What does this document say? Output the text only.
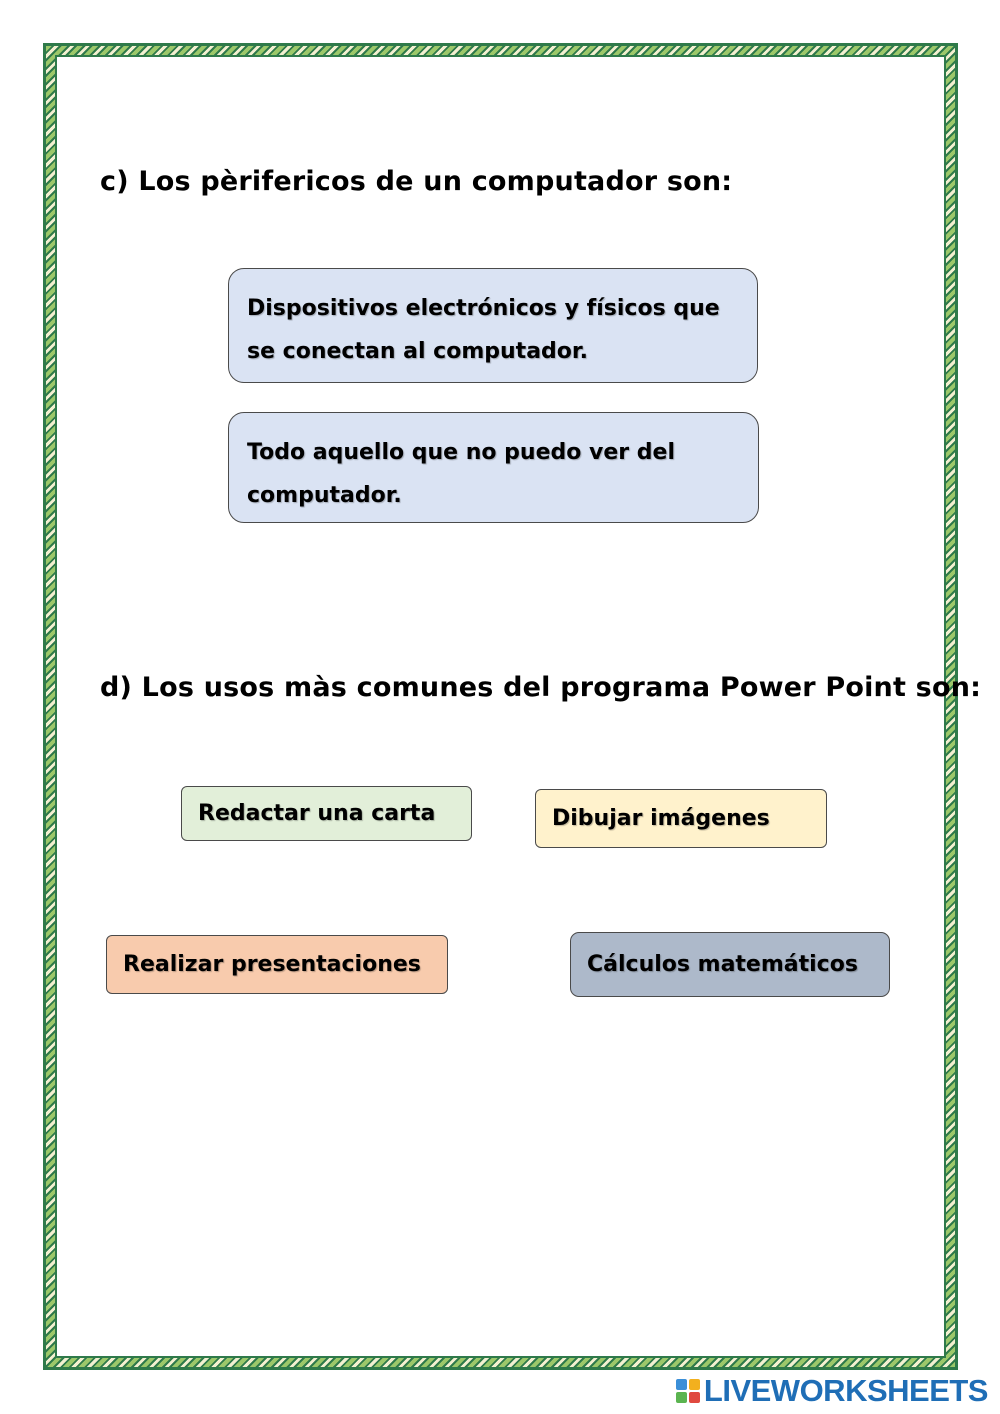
c) Los pèrifericos de un computador son:
Dispositivos electrónicos y físicos que se conectan al computador.
Todo aquello que no puedo ver del computador.
d) Los usos màs comunes del programa Power Point son:
Redactar una carta	Dibujar imágenes
Realizar presentaciones	Cálculos matemáticos
LIVEWORKSHEETS
